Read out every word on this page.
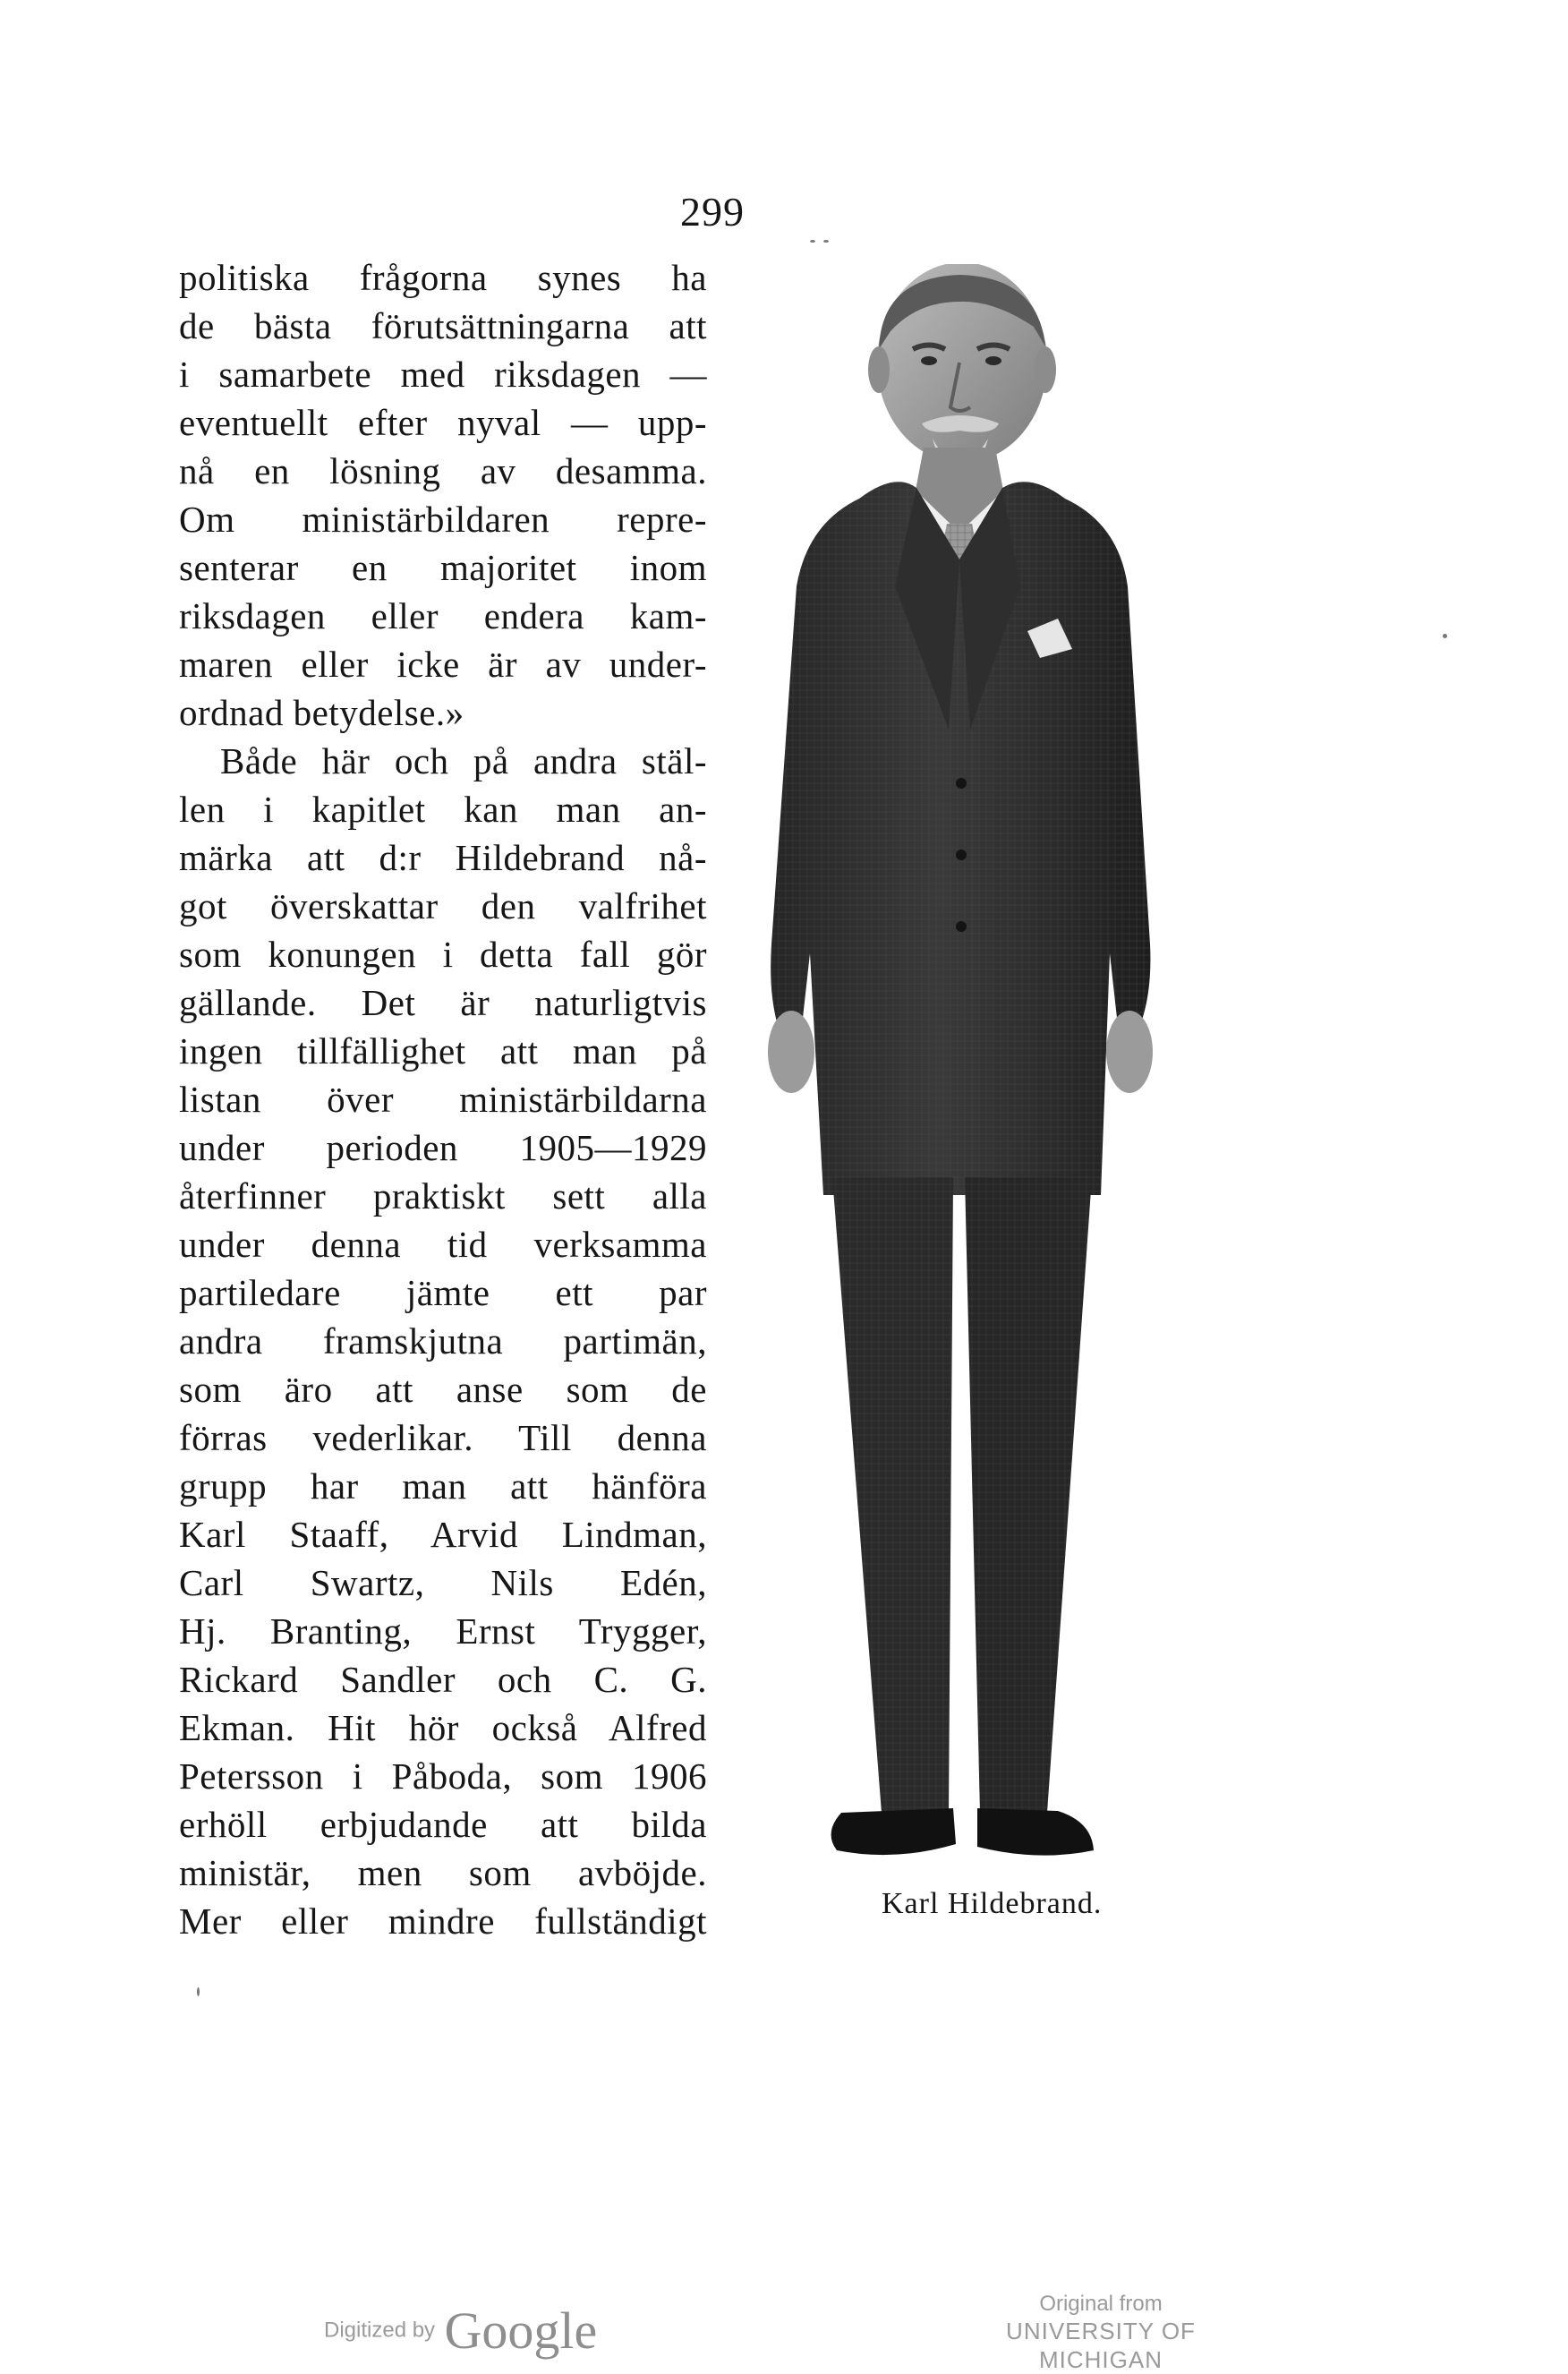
299
politiska frågorna synes ha
de bästa förutsättningarna att
i samarbete med riksdagen —
eventuellt efter nyval — upp-
nå en lösning av desamma.
Om ministärbildaren repre-
senterar en majoritet inom
riksdagen eller endera kam-
maren eller icke är av under-
ordnad betydelse.»
Både här och på andra stäl-
len i kapitlet kan man an-
märka att d:r Hildebrand nå-
got överskattar den valfrihet
som konungen i detta fall gör
gällande. Det är naturligtvis
ingen tillfällighet att man på
listan över ministärbildarna
under perioden 1905—1929
återfinner praktiskt sett alla
under denna tid verksamma
partiledare jämte ett par
andra framskjutna partimän,
som äro att anse som de
förras vederlikar. Till denna
grupp har man att hänföra
Karl Staaff, Arvid Lindman,
Carl Swartz, Nils Edén,
Hj. Branting, Ernst Trygger,
Rickard Sandler och C. G.
Ekman. Hit hör också Alfred
Petersson i Påboda, som 1906
erhöll erbjudande att bilda
ministär, men som avböjde.
Mer eller mindre fullständigt	Karl Hildebrand.
Digitized by Google	Original from
UNIVERSITY OF MICHIGAN
